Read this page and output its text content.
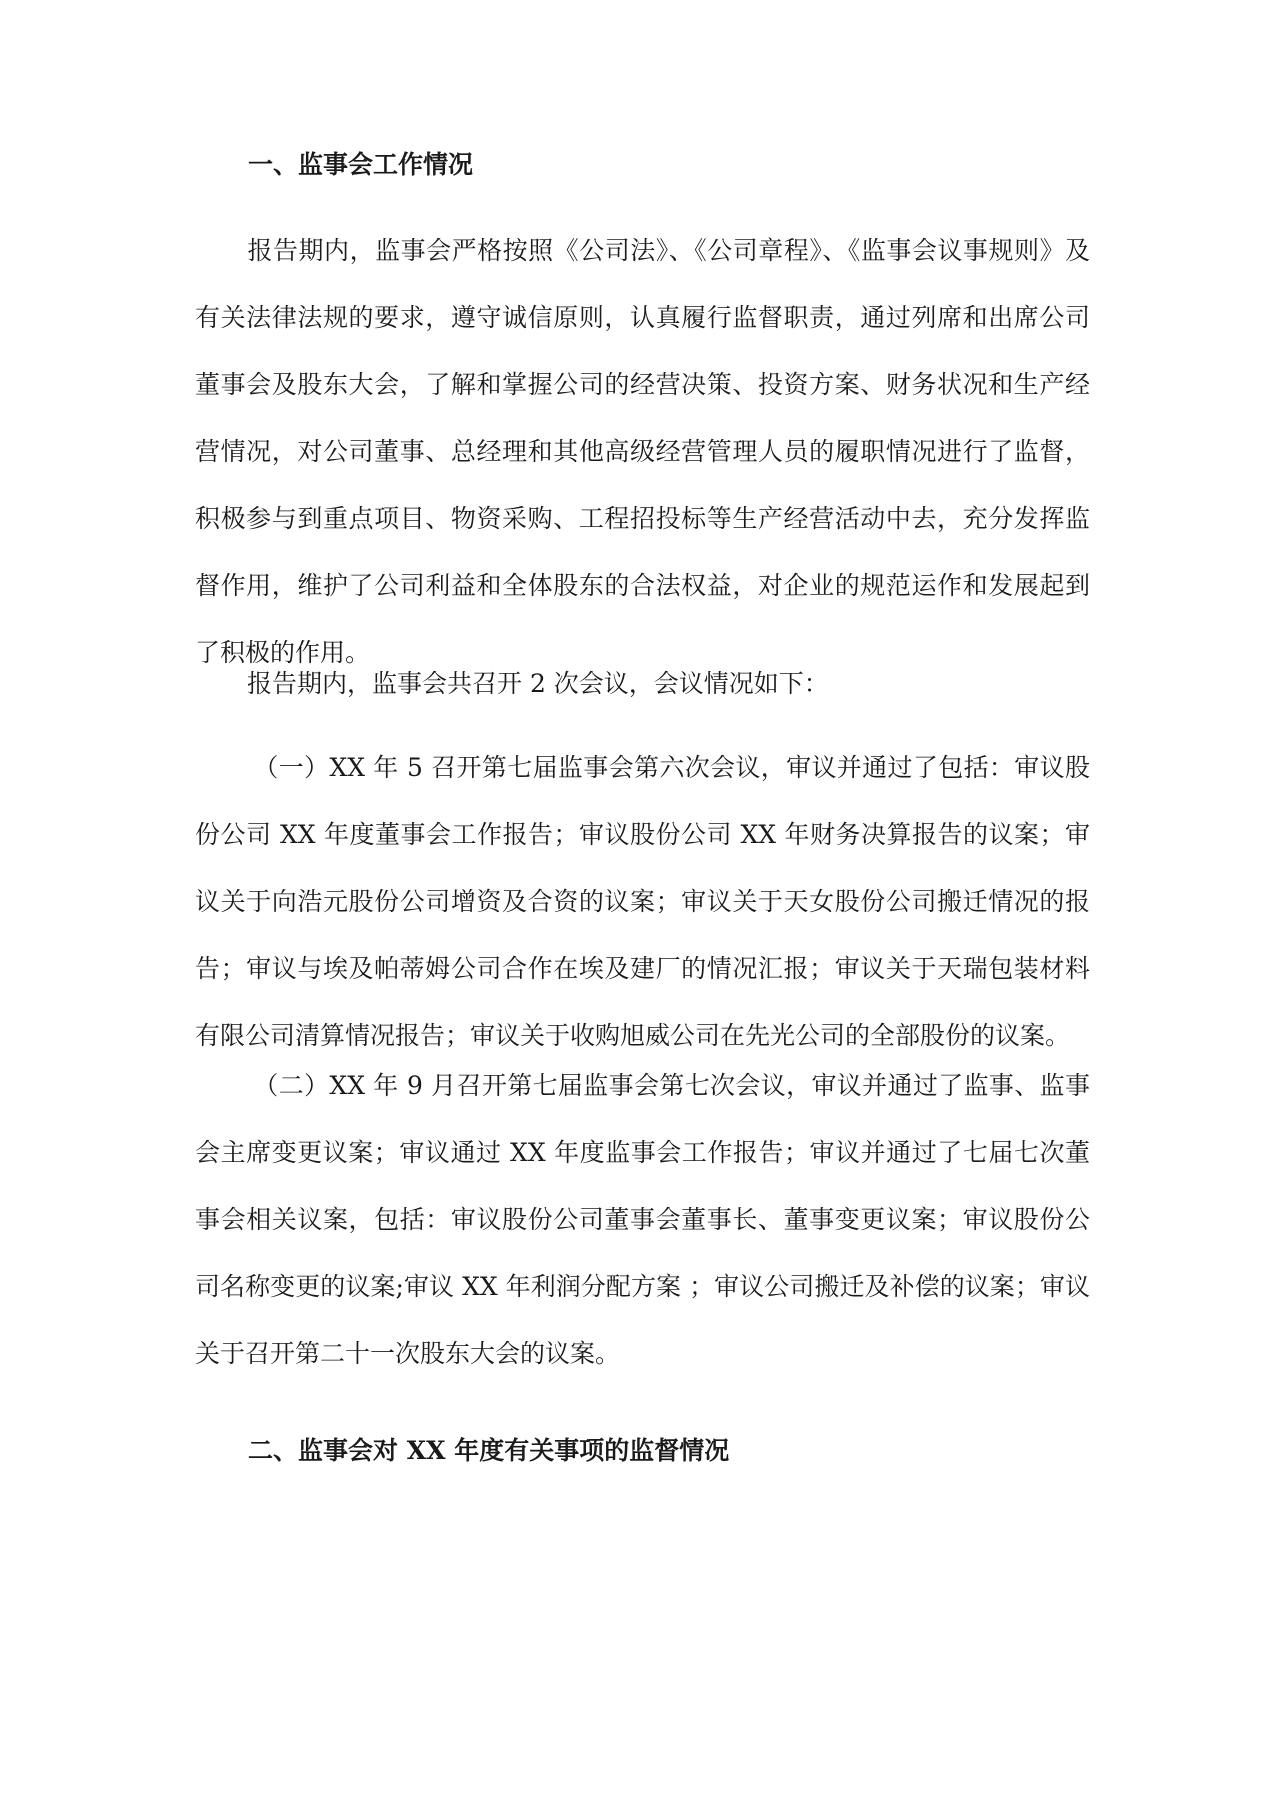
一、监事会工作情况
报告期内，监事会严格按照《公司法》、《公司章程》、《监事会议事规则》及有关法律法规的要求，遵守诚信原则，认真履行监督职责，通过列席和出席公司董事会及股东大会，了解和掌握公司的经营决策、投资方案、财务状况和生产经营情况，对公司董事、总经理和其他高级经营管理人员的履职情况进行了监督，积极参与到重点项目、物资采购、工程招投标等生产经营活动中去，充分发挥监督作用，维护了公司利益和全体股东的合法权益，对企业的规范运作和发展起到了积极的作用。
报告期内，监事会共召开 2 次会议，会议情况如下：
（一）XX 年 5 召开第七届监事会第六次会议，审议并通过了包括：审议股份公司 XX 年度董事会工作报告；审议股份公司 XX 年财务决算报告的议案；审议关于向浩元股份公司增资及合资的议案；审议关于天女股份公司搬迁情况的报告；审议与埃及帕蒂姆公司合作在埃及建厂的情况汇报；审议关于天瑞包装材料有限公司清算情况报告；审议关于收购旭威公司在先光公司的全部股份的议案。
（二）XX 年 9 月召开第七届监事会第七次会议，审议并通过了监事、监事会主席变更议案；审议通过 XX 年度监事会工作报告；审议并通过了七届七次董事会相关议案，包括：审议股份公司董事会董事长、董事变更议案；审议股份公司名称变更的议案;审议 XX 年利润分配方案 ；审议公司搬迁及补偿的议案；审议关于召开第二十一次股东大会的议案。
二、监事会对 XX 年度有关事项的监督情况
